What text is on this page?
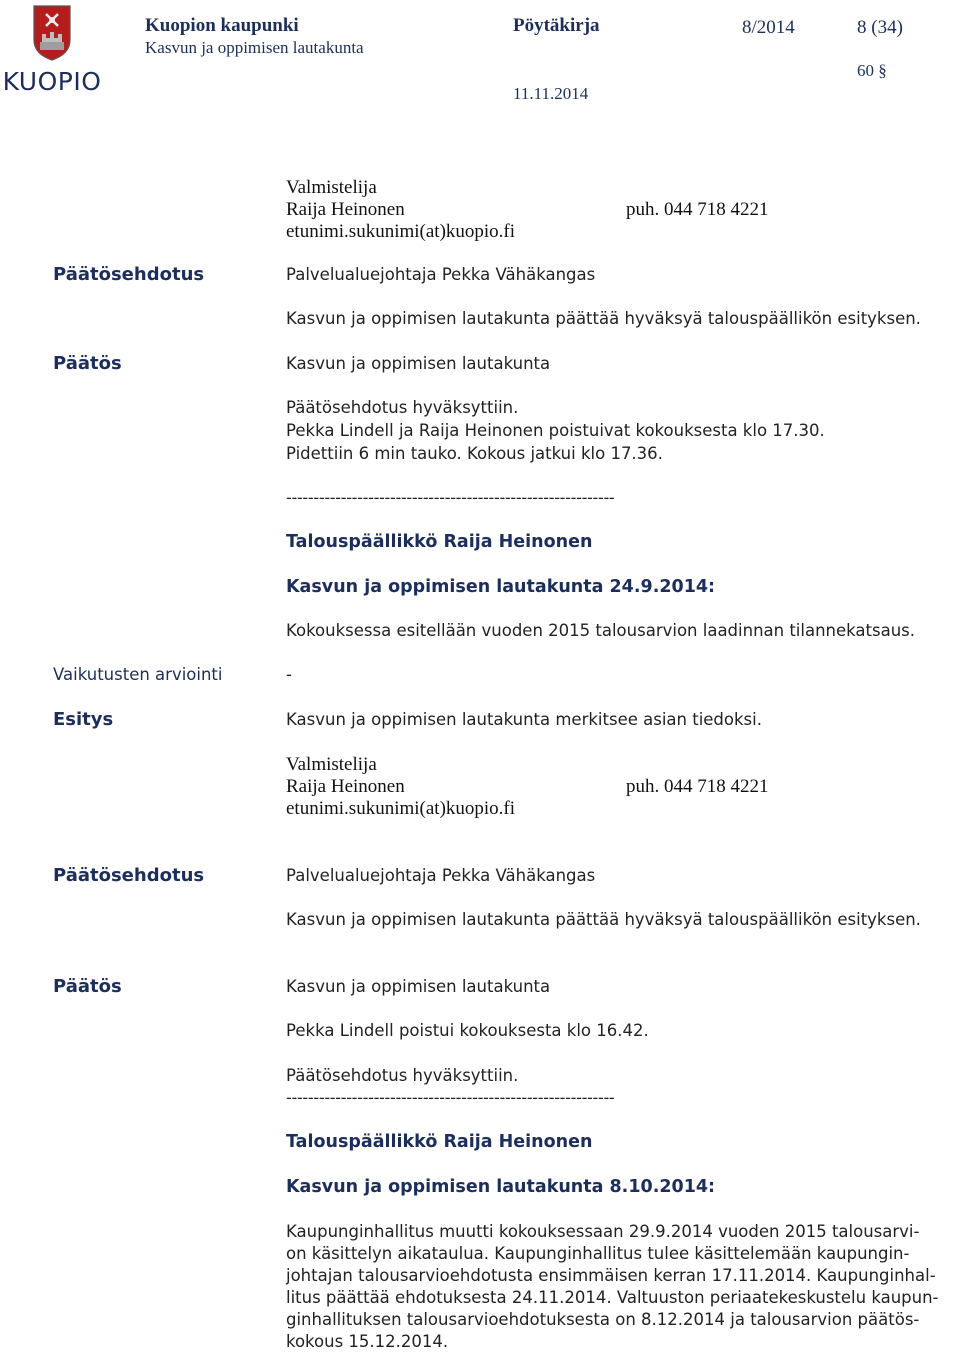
KUOPIO
Kuopion kaupunki
Kasvun ja oppimisen lautakunta
Pöytäkirja	8/2014	8 (34)
60 §
11.11.2014
Valmistelija
Raija Heinonen	puh. 044 718 4221
etunimi.sukunimi(at)kuopio.fi
Päätösehdotus	Palvelualuejohtaja Pekka Vähäkangas
Kasvun ja oppimisen lautakunta päättää hyväksyä talouspäällikön esityksen.
Päätös	Kasvun ja oppimisen lautakunta
Päätösehdotus hyväksyttiin.
Pekka Lindell ja Raija Heinonen poistuivat kokouksesta klo 17.30.
Pidettiin 6 min tauko. Kokous jatkui klo 17.36.
------------------------------------------------------------
Talouspäällikkö Raija Heinonen
Kasvun ja oppimisen lautakunta 24.9.2014:
Kokouksessa esitellään vuoden 2015 talousarvion laadinnan tilannekatsaus.
Vaikutusten arviointi	-
Esitys	Kasvun ja oppimisen lautakunta merkitsee asian tiedoksi.
Valmistelija
Raija Heinonen	puh. 044 718 4221
etunimi.sukunimi(at)kuopio.fi
Päätösehdotus	Palvelualuejohtaja Pekka Vähäkangas
Kasvun ja oppimisen lautakunta päättää hyväksyä talouspäällikön esityksen.
Päätös	Kasvun ja oppimisen lautakunta
Pekka Lindell poistui kokouksesta klo 16.42.
Päätösehdotus hyväksyttiin.
------------------------------------------------------------
Talouspäällikkö Raija Heinonen
Kasvun ja oppimisen lautakunta 8.10.2014:
Kaupunginhallitus muutti kokouksessaan 29.9.2014 vuoden 2015 talousarvi-
on käsittelyn aikataulua. Kaupunginhallitus tulee käsittelemään kaupungin-
johtajan talousarvioehdotusta ensimmäisen kerran 17.11.2014. Kaupunginhal-
litus päättää ehdotuksesta 24.11.2014. Valtuuston periaatekeskustelu kaupun-
ginhallituksen talousarvioehdotuksesta on 8.12.2014 ja talousarvion päätös-
kokous 15.12.2014.
